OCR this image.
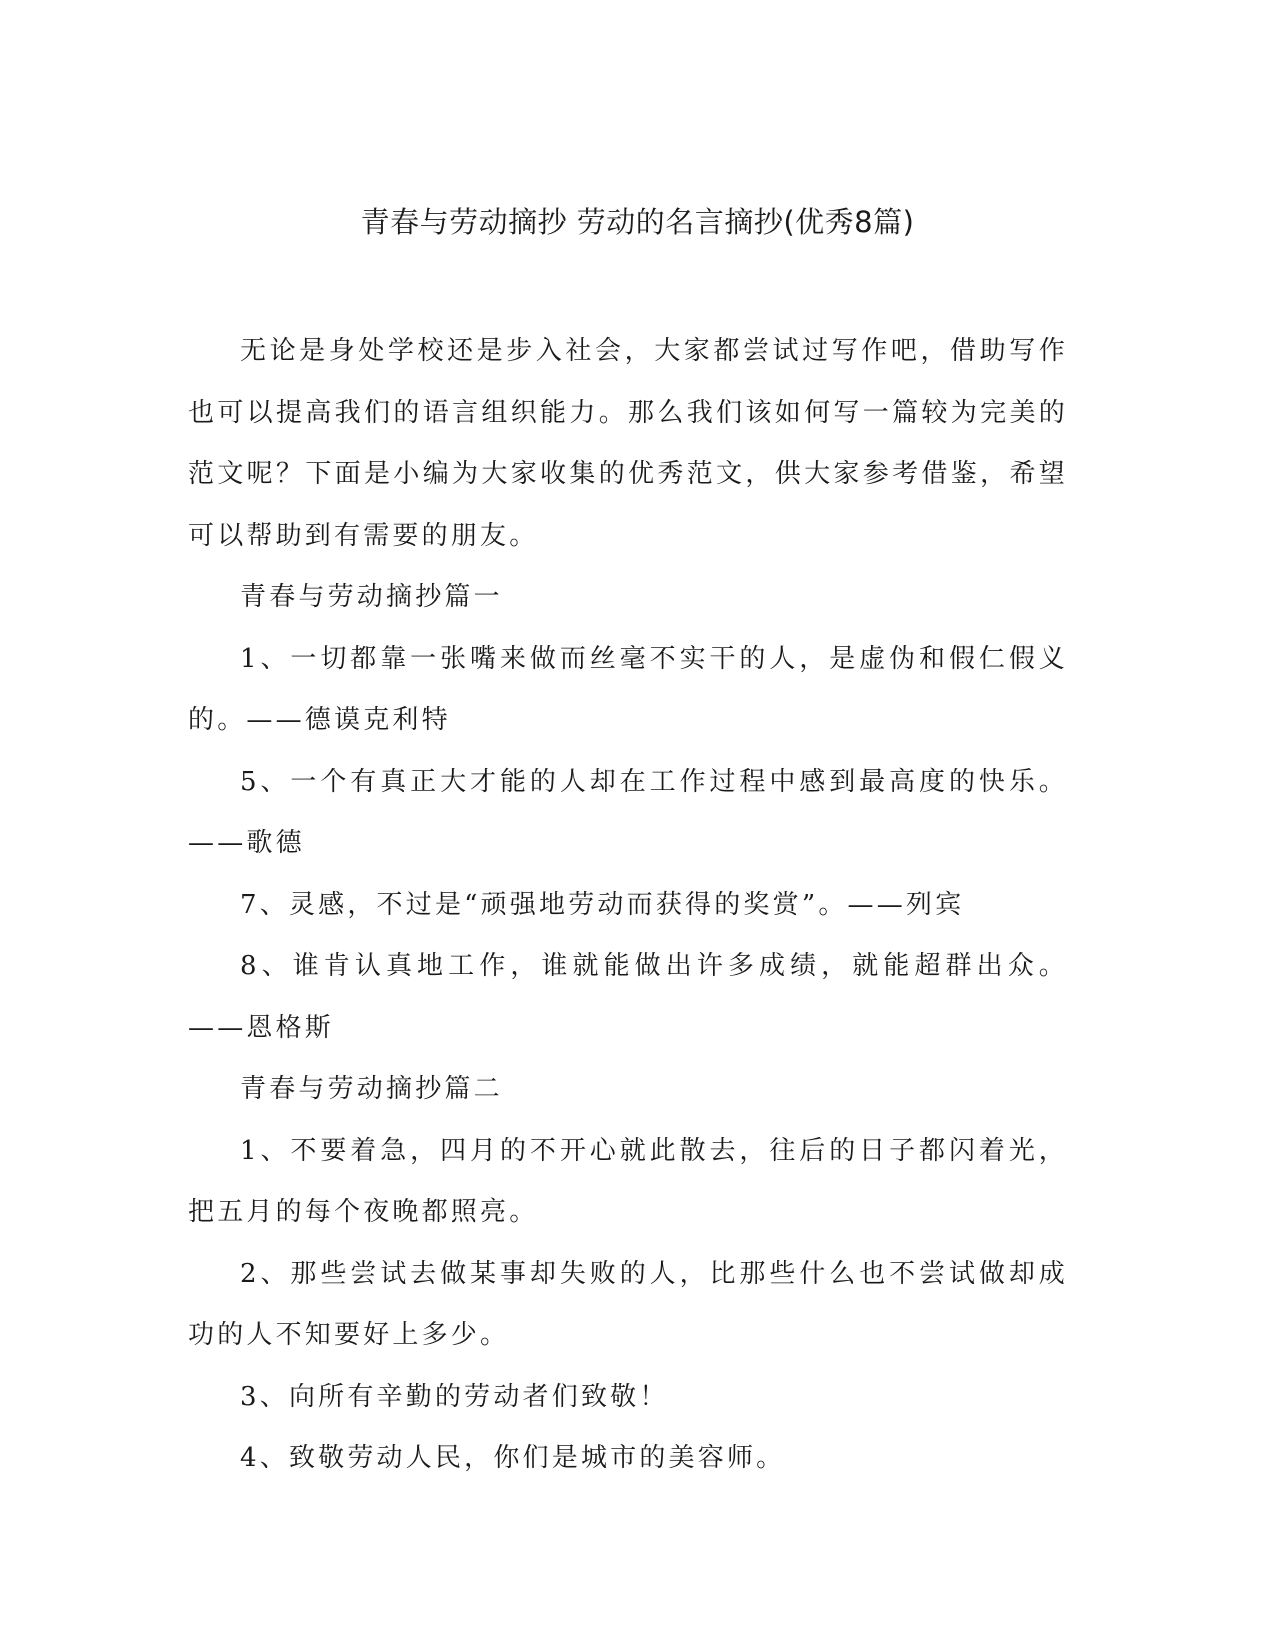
青春与劳动摘抄 劳动的名言摘抄(优秀8篇)

无论是身处学校还是步入社会，大家都尝试过写作吧，借助写作也可以提高我们的语言组织能力。那么我们该如何写一篇较为完美的范文呢？下面是小编为大家收集的优秀范文，供大家参考借鉴，希望可以帮助到有需要的朋友。

青春与劳动摘抄篇一

1、一切都靠一张嘴来做而丝毫不实干的人，是虚伪和假仁假义的。——德谟克利特

5、一个有真正大才能的人却在工作过程中感到最高度的快乐。——歌德

7、灵感，不过是“顽强地劳动而获得的奖赏”。——列宾

8、谁肯认真地工作，谁就能做出许多成绩，就能超群出众。——恩格斯

青春与劳动摘抄篇二

1、不要着急，四月的不开心就此散去，往后的日子都闪着光，把五月的每个夜晚都照亮。

2、那些尝试去做某事却失败的人，比那些什么也不尝试做却成功的人不知要好上多少。

3、向所有辛勤的劳动者们致敬！

4、致敬劳动人民，你们是城市的美容师。
